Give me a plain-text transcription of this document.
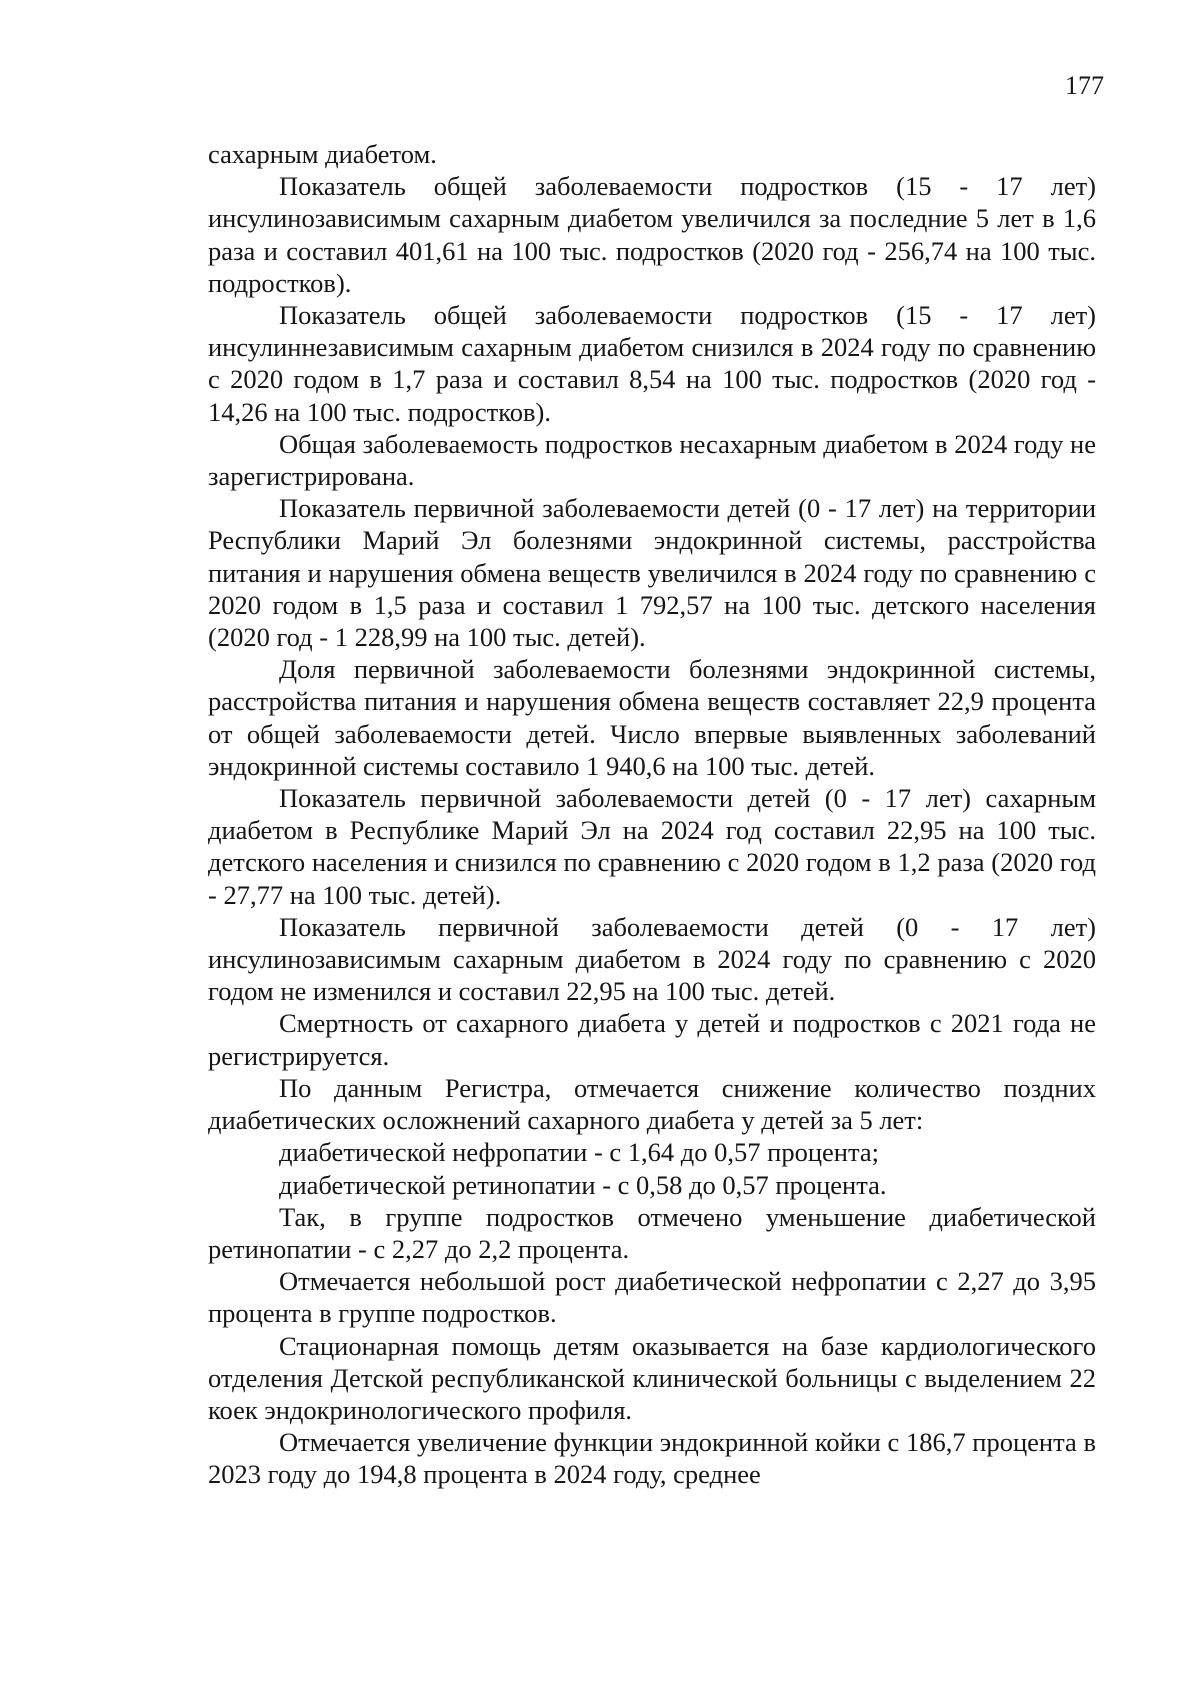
177

сахарным диабетом.

Показатель общей заболеваемости подростков (15 - 17 лет) инсулинозависимым сахарным диабетом увеличился за последние 5 лет в 1,6 раза и составил 401,61 на 100 тыс. подростков (2020 год - 256,74 на 100 тыс. подростков).

Показатель общей заболеваемости подростков (15 - 17 лет) инсулиннезависимым сахарным диабетом снизился в 2024 году по сравнению с 2020 годом в 1,7 раза и составил 8,54 на 100 тыс. подростков (2020 год - 14,26 на 100 тыс. подростков).

Общая заболеваемость подростков несахарным диабетом в 2024 году не зарегистрирована.

Показатель первичной заболеваемости детей (0 - 17 лет) на территории Республики Марий Эл болезнями эндокринной системы, расстройства питания и нарушения обмена веществ увеличился в 2024 году по сравнению с 2020 годом в 1,5 раза и составил 1 792,57 на 100 тыс. детского населения (2020 год - 1 228,99 на 100 тыс. детей).

Доля первичной заболеваемости болезнями эндокринной системы, расстройства питания и нарушения обмена веществ составляет 22,9 процента от общей заболеваемости детей. Число впервые выявленных заболеваний эндокринной системы составило 1 940,6 на 100 тыс. детей.

Показатель первичной заболеваемости детей (0 - 17 лет) сахарным диабетом в Республике Марий Эл на 2024 год составил 22,95 на 100 тыс. детского населения и снизился по сравнению с 2020 годом в 1,2 раза (2020 год - 27,77 на 100 тыс. детей).

Показатель первичной заболеваемости детей (0 - 17 лет) инсулинозависимым сахарным диабетом в 2024 году по сравнению с 2020 годом не изменился и составил 22,95 на 100 тыс. детей.

Смертность от сахарного диабета у детей и подростков с 2021 года не регистрируется.

По данным Регистра, отмечается снижение количество поздних диабетических осложнений сахарного диабета у детей за 5 лет:

диабетической нефропатии - с 1,64 до 0,57 процента;

диабетической ретинопатии - с 0,58 до 0,57 процента.

Так, в группе подростков отмечено уменьшение диабетической ретинопатии - с 2,27 до 2,2 процента.

Отмечается небольшой рост диабетической нефропатии с 2,27 до 3,95 процента в группе подростков.

Стационарная помощь детям оказывается на базе кардиологического отделения Детской республиканской клинической больницы с выделением 22 коек эндокринологического профиля.

Отмечается увеличение функции эндокринной койки с 186,7 процента в 2023 году до 194,8 процента в 2024 году, среднее
